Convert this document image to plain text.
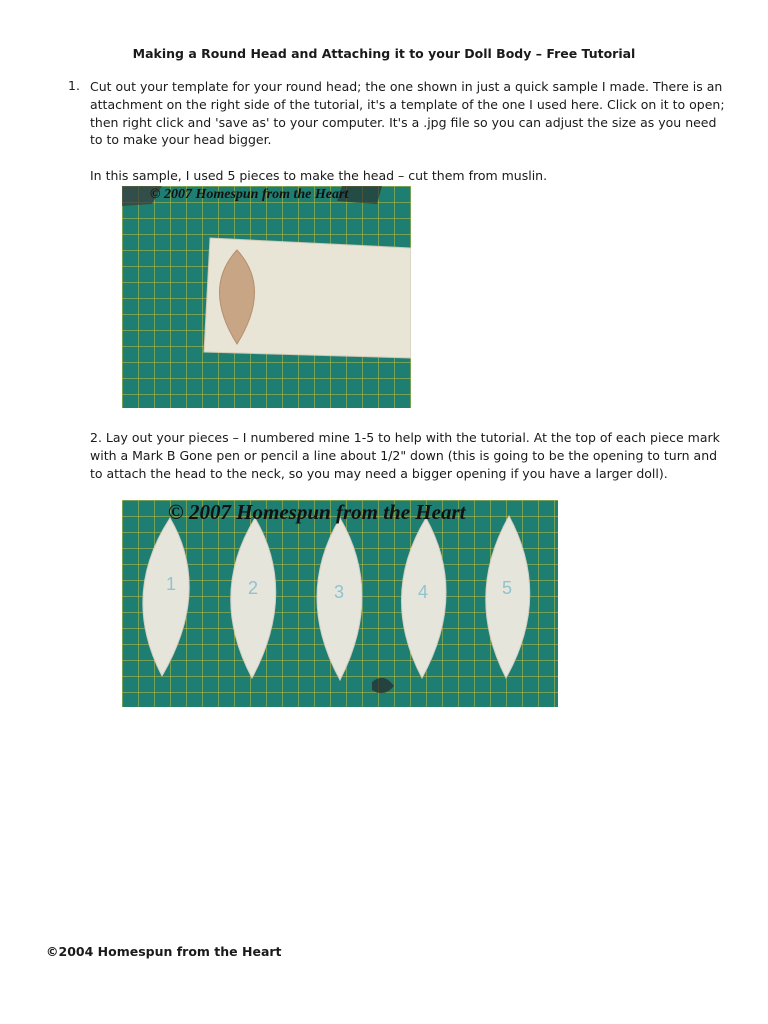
Making a Round Head and Attaching it to your Doll Body – Free Tutorial
1. Cut out your template for your round head; the one shown in just a quick sample I made. There is an attachment on the right side of the tutorial, it's a template of the one I used here. Click on it to open; then right click and 'save as' to your computer. It's a .jpg file so you can adjust the size as you need to to make your head bigger.

In this sample, I used 5 pieces to make the head – cut them from muslin.

© 2007 Homespun from the Heart

2. Lay out your pieces – I numbered mine 1-5 to help with the tutorial. At the top of each piece mark with a Mark B Gone pen or pencil a line about 1/2" down (this is going to be the opening to turn and to attach the head to the neck, so you may need a bigger opening if you have a larger doll).

1	2	3	4	5
© 2007 Homespun from the Heart
©2004 Homespun from the Heart
